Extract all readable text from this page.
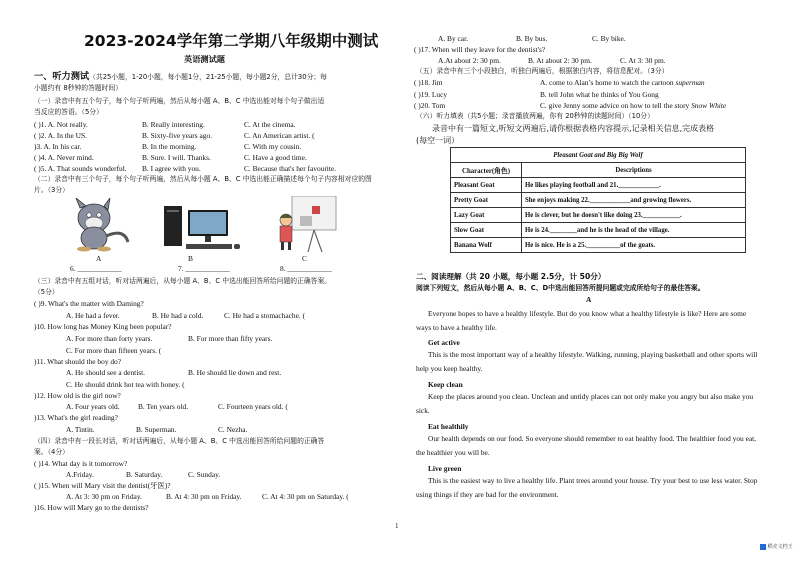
2023-2024学年第二学期八年级期中测试
英语测试题
一、听力测试（共25小题，1-20小题，每小题1分，21-25小题，每小题2分，总计30分；每
小题约有 8秒钟的答题时间）
（一）录音中有五个句子，每个句子听两遍，然后从每小题 A、B、C 中选出能对每个句子做出适
当反应的答语。（5分）
( )1. A. Not really.	B. Really interesting.	C. At the cinema.
( )2. A. In the US.	B. Sixty-five years ago.	C. An American artist. (
)3. A. In his car.	B. In the morning.	C. With my cousin.
( )4. A. Never mind.	B. Sure. I will. Thanks.	C. Have a good time.
( )5. A. That sounds wonderful. B. I agree with you.	C. Because that's her favourite.
（二）录音中有三个句子，每个句子听两遍，然后从每小题 A、B、C 中选出能正确描述每个句子内容相对应的图
片。（3分）
A	B	C
6. ____________	7. ____________	8. ____________
（三）录音中有五组对话，听对话两遍后，从每小题 A、B、C 中选出能回答所给问题的正确答案。
（5分）
( )9. What's the matter with Daming?
A. He had a fever.	B. He had a cold.	C. He had a stomachache. (
)10. How long has Money King been popular?
A. For more than forty years.	B. For more than fifty years.
C. For more than fifteen years. (
)11. What should the boy do?
A. He should see a dentist.	B. He should lie down and rest.
C. He should drink hot tea with honey. (
)12. How old is the girl now?
A. Four years old. B. Ten years old.	C. Fourteen years old. (
)13. What's the girl reading?
A. Tintin.	B. Superman.	C. Nezha.
（四）录音中有一段长对话，听对话两遍后，从每小题 A、B、C 中选出能回答所给问题的正确答
案。（4分）
( )14. What day is it tomorrow?
A.Friday.	B. Saturday.	C. Sunday.
( )15. When will Mary visit the dentist(牙医)?
A. At 3: 30 pm on Friday.	B. At 4: 30 pm on Friday.	C. At 4: 30 pm on Saturday. (
)16. How will Mary go to the dentists?
A. By car.	B. By bus.	C. By bike.
( )17. When will they leave for the dentist's?
A.At about 2: 30 pm.	B. At about 2: 30 pm.	C. At 3: 30 pm.
（五）录音中有三个小段独白，听独白两遍后，根据独白内容，将信息配对。（3分）
( )18. Jim	A. come to Alan’s home to watch the cartoon superman
( )19. Lucy	B. tell John what he thinks of You Gong
( )20. Tom	C. give Jenny some advice on how to tell the story Snow White
（六）听力填表（共5小题；录音播放两遍，你有 20秒钟的读题时间）（10分）
录音中有一篇短文,听短文两遍后,请你根据表格内容提示,记录相关信息,完成表格
(每空一词）
Pleasant Goat and Big Big Wolf	
Character(角色)	Descriptions
Pleasant Goat	He likes playing football and 21.____________.
Pretty Goat	She enjoys making 22.____________and growing flowers.
Lazy Goat	He is clever, but he doesn't like doing 23.___________.
Slow Goat	He is 24.________and he is the head of the village.
Banana Wolf	He is nice. He is a 25.__________of the goats.
二、阅读理解（共 20 小题，每小题 2.5分，计 50分）
阅读下列短文，然后从每小题 A、B、C、D中选出能回答所提问题或完成所给句子的最佳答案。
A
Everyone hopes to have a healthy lifestyle. But do you know what a healthy lifestyle is like? Here are some ways to have a healthy life.
Get active
This is the most important way of a healthy lifestyle. Walking, running, playing basketball and other sports will help you keep healthy.
Keep clean
Keep the places around you clean. Unclean and untidy places can not only make you angry but also make you sick.
Eat healthily
Our health depends on our food. So everyone should remember to eat healthy food. The healthier food you eat, the healthier you will be.
Live green
This is the easiest way to live a healthy life. Plant trees around your house. Try your best to use less water. Stop using things if they are bad for the environment.
1
稻壳文档王
